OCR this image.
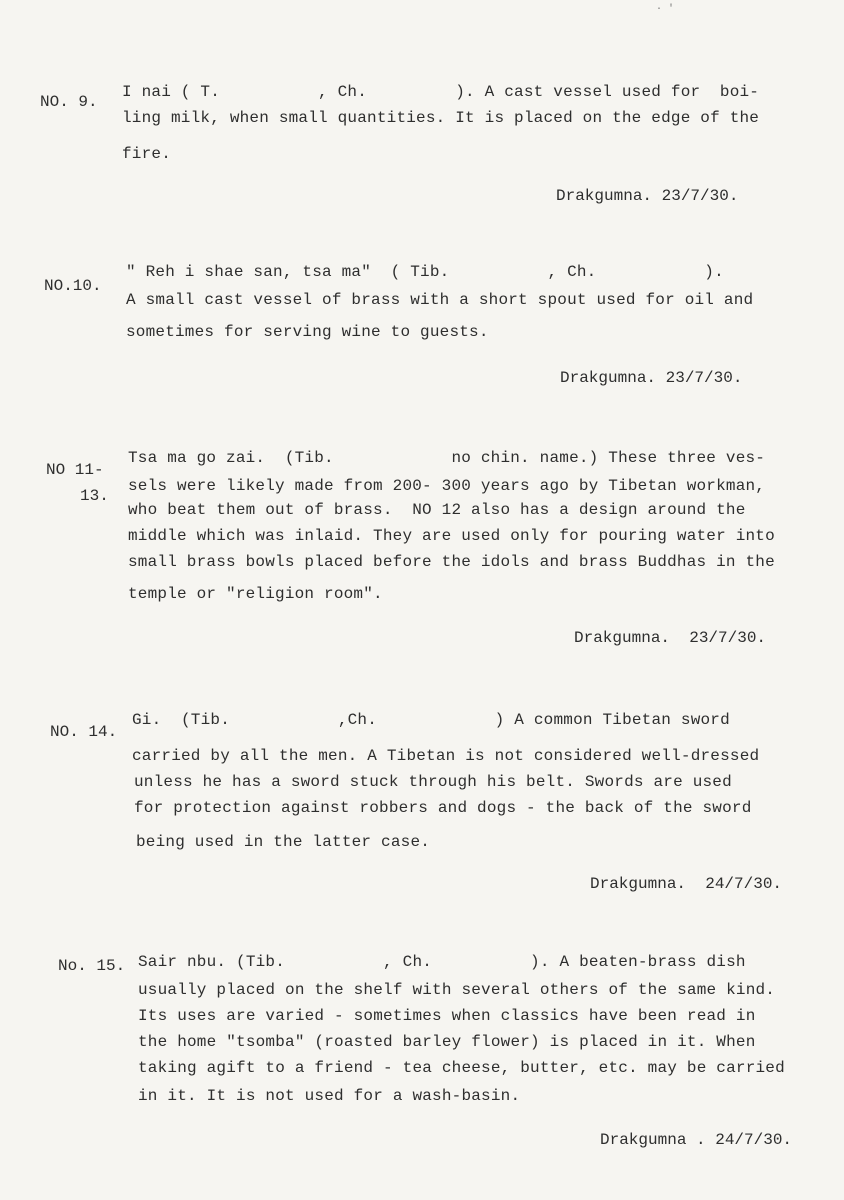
· '
NO. 9.
I nai ( T.          , Ch.         ). A cast vessel used for  boi-
ling milk, when small quantities. It is placed on the edge of the
fire.
Drakgumna. 23/7/30.
NO.10.
" Reh i shae san, tsa ma"  ( Tib.          , Ch.           ).
A small cast vessel of brass with a short spout used for oil and
sometimes for serving wine to guests.
Drakgumna. 23/7/30.
NO 11-
13.
Tsa ma go zai.  (Tib.            no chin. name.) These three ves-
sels were likely made from 200- 300 years ago by Tibetan workman,
who beat them out of brass.  NO 12 also has a design around the
middle which was inlaid. They are used only for pouring water into
small brass bowls placed before the idols and brass Buddhas in the
temple or "religion room".
Drakgumna.  23/7/30.
NO. 14.
Gi.  (Tib.           ,Ch.            ) A common Tibetan sword
carried by all the men. A Tibetan is not considered well-dressed
unless he has a sword stuck through his belt. Swords are used
for protection against robbers and dogs - the back of the sword
being used in the latter case.
Drakgumna.  24/7/30.
No. 15. Sair nbu. (Tib.          , Ch.          ). A beaten-brass dish
usually placed on the shelf with several others of the same kind.
Its uses are varied - sometimes when classics have been read in
the home "tsomba" (roasted barley flower) is placed in it. When
taking agift to a friend - tea cheese, butter, etc. may be carried
in it. It is not used for a wash-basin.
Drakgumna . 24/7/30.
